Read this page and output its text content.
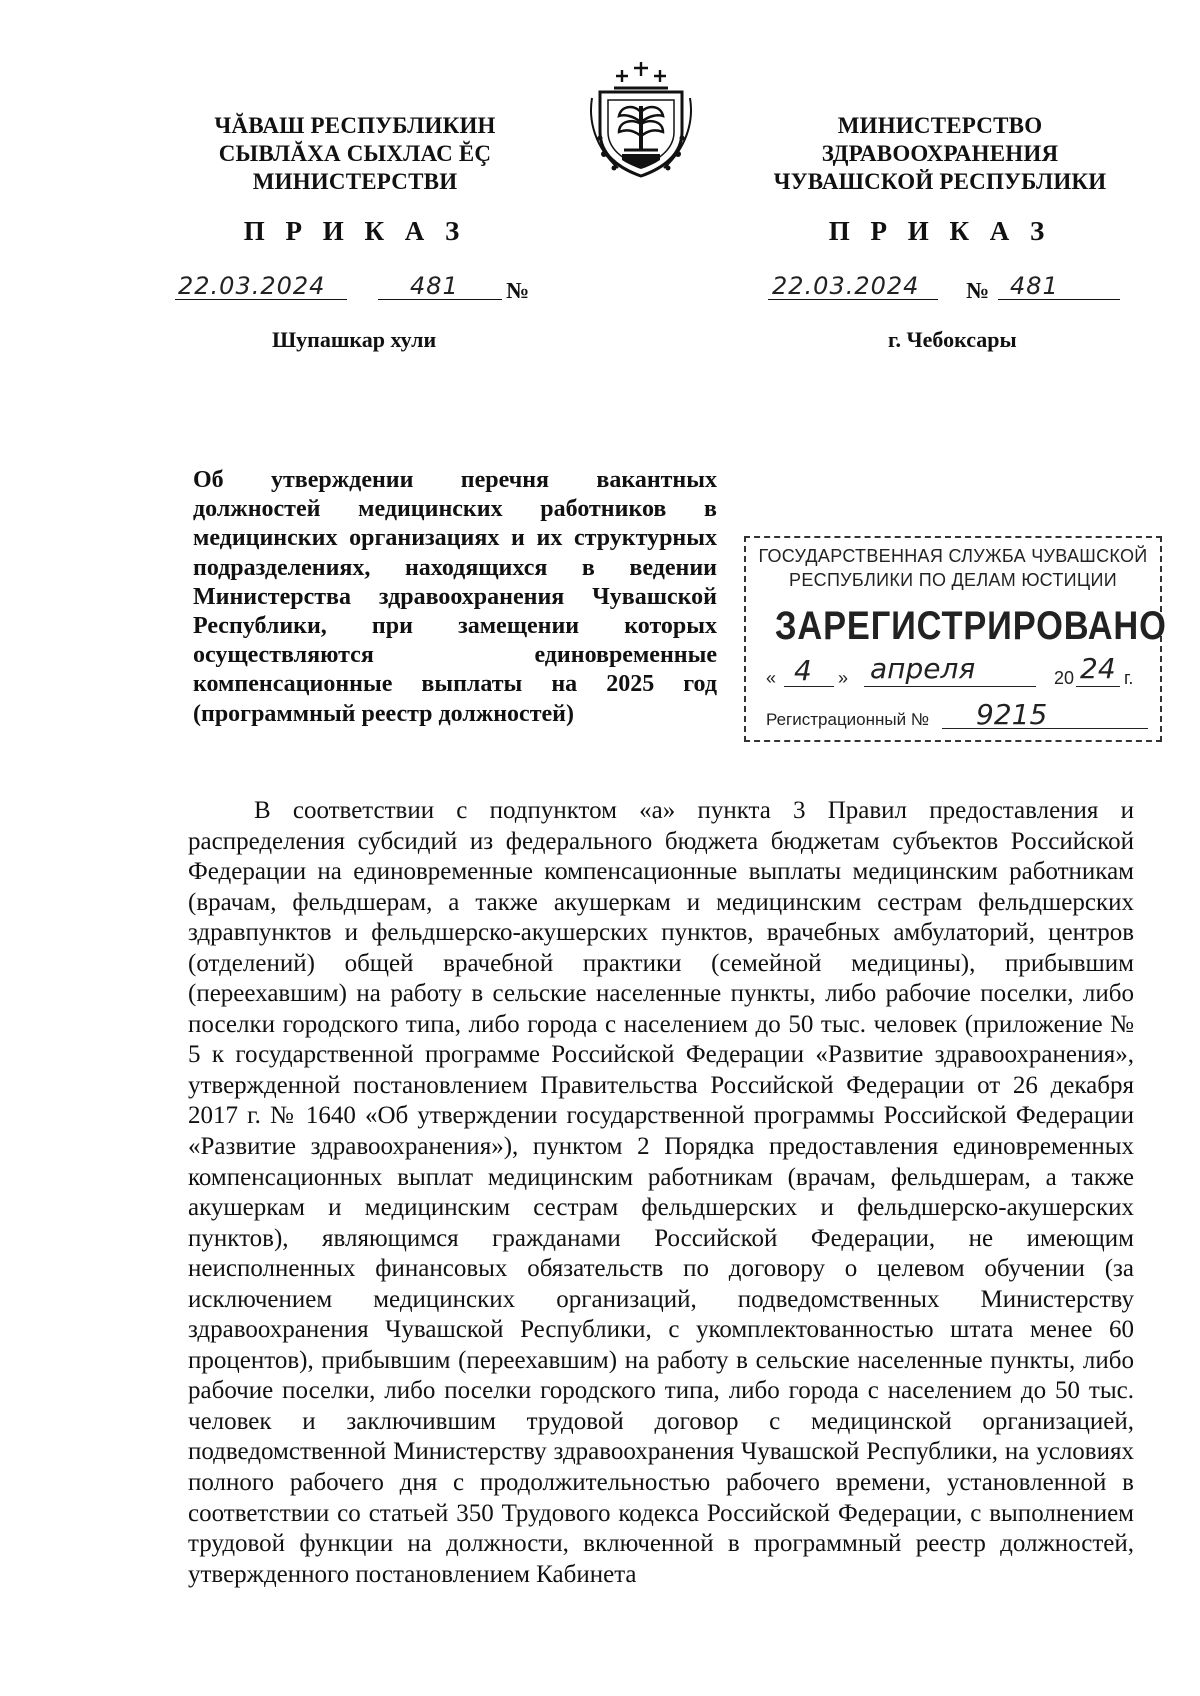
ЧĂВАШ РЕСПУБЛИКИН
СЫВЛĂХА СЫХЛАС ĔÇ
МИНИСТЕРСТВИ
МИНИСТЕРСТВО
ЗДРАВООХРАНЕНИЯ
ЧУВАШСКОЙ РЕСПУБЛИКИ
П Р И К А З	П Р И К А З
22.03.2024	481 №	22.03.2024 № 481
Шупашкар хули	г. Чебоксары

Об утверждении перечня вакантных должностей медицинских работников в медицинских организациях и их структурных подразделениях, находящихся в ведении Министерства здравоохранения Чувашской Республики, при замещении которых осуществляются единовременные компенсационные выплаты на 2025 год (программный реестр должностей)

ГОСУДАРСТВЕННАЯ СЛУЖБА ЧУВАШСКОЙ
РЕСПУБЛИКИ ПО ДЕЛАМ ЮСТИЦИИ
ЗАРЕГИСТРИРОВАНО
« 4 » апреля	20 24 г.
Регистрационный № 9215

В соответствии с подпунктом «а» пункта 3 Правил предоставления и распределения субсидий из федерального бюджета бюджетам субъектов Российской Федерации на единовременные компенсационные выплаты медицинским работникам (врачам, фельдшерам, а также акушеркам и медицинским сестрам фельдшерских здравпунктов и фельдшерско-акушерских пунктов, врачебных амбулаторий, центров (отделений) общей врачебной практики (семейной медицины), прибывшим (переехавшим) на работу в сельские населенные пункты, либо рабочие поселки, либо поселки городского типа, либо города с населением до 50 тыс. человек (приложение № 5 к государственной программе Российской Федерации «Развитие здравоохранения», утвержденной постановлением Правительства Российской Федерации от 26 декабря 2017 г. № 1640 «Об утверждении государственной программы Российской Федерации «Развитие здравоохранения»), пунктом 2 Порядка предоставления единовременных компенсационных выплат медицинским работникам (врачам, фельдшерам, а также акушеркам и медицинским сестрам фельдшерских и фельдшерско-акушерских пунктов), являющимся гражданами Российской Федерации, не имеющим неисполненных финансовых обязательств по договору о целевом обучении (за исключением медицинских организаций, подведомственных Министерству здравоохранения Чувашской Республики, с укомплектованностью штата менее 60 процентов), прибывшим (переехавшим) на работу в сельские населенные пункты, либо рабочие поселки, либо поселки городского типа, либо города с населением до 50 тыс. человек и заключившим трудовой договор с медицинской организацией, подведомственной Министерству здравоохранения Чувашской Республики, на условиях полного рабочего дня с продолжительностью рабочего времени, установленной в соответствии со статьей 350 Трудового кодекса Российской Федерации, с выполнением трудовой функции на должности, включенной в программный реестр должностей, утвержденного постановлением Кабинета
